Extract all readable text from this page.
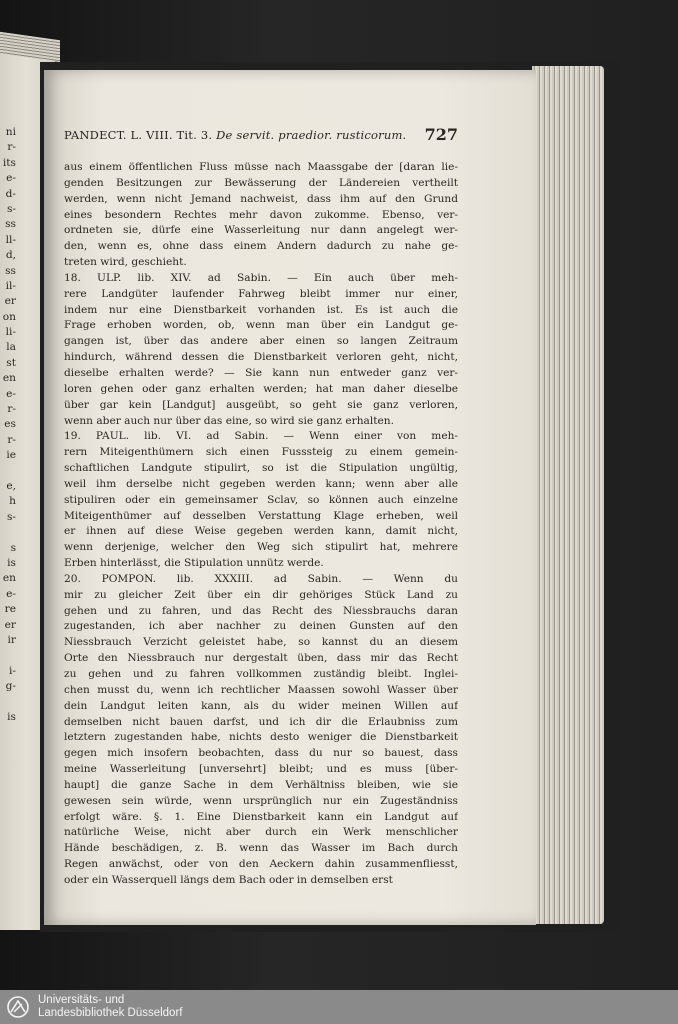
ni
r-
its
e-
d-
s-
ss
ll-
d,
ss
il-
er
on
li-
la
st
en
e-
r-
es
r-
ie
e,
h
s-
s
is
en
e-
re
er
ir
i-
g-
is
PANDECT. L. VIII. Tit. 3. De servit. praedior. rusticorum. 727
aus einem öffentlichen Fluss müsse nach Maassgabe der [daran lie-
genden Besitzungen zur Bewässerung der Ländereien vertheilt
werden, wenn nicht Jemand nachweist, dass ihm auf den Grund
eines besondern Rechtes mehr davon zukomme. Ebenso, ver-
ordneten sie, dürfe eine Wasserleitung nur dann angelegt wer-
den, wenn es, ohne dass einem Andern dadurch zu nahe ge-
treten wird, geschieht.
18. ULP. lib. XIV. ad Sabin. — Ein auch über meh-
rere Landgüter laufender Fahrweg bleibt immer nur einer,
indem nur eine Dienstbarkeit vorhanden ist. Es ist auch die
Frage erhoben worden, ob, wenn man über ein Landgut ge-
gangen ist, über das andere aber einen so langen Zeitraum
hindurch, während dessen die Dienstbarkeit verloren geht, nicht,
dieselbe erhalten werde? — Sie kann nun entweder ganz ver-
loren gehen oder ganz erhalten werden; hat man daher dieselbe
über gar kein [Landgut] ausgeübt, so geht sie ganz verloren,
wenn aber auch nur über das eine, so wird sie ganz erhalten.
19. PAUL. lib. VI. ad Sabin. — Wenn einer von meh-
rern Miteigenthümern sich einen Fusssteig zu einem gemein-
schaftlichen Landgute stipulirt, so ist die Stipulation ungültig,
weil ihm derselbe nicht gegeben werden kann; wenn aber alle
stipuliren oder ein gemeinsamer Sclav, so können auch einzelne
Miteigenthümer auf desselben Verstattung Klage erheben, weil
er ihnen auf diese Weise gegeben werden kann, damit nicht,
wenn derjenige, welcher den Weg sich stipulirt hat, mehrere
Erben hinterlässt, die Stipulation unnütz werde.
20. POMPON. lib. XXXIII. ad Sabin. — Wenn du
mir zu gleicher Zeit über ein dir gehöriges Stück Land zu
gehen und zu fahren, und das Recht des Niessbrauchs daran
zugestanden, ich aber nachher zu deinen Gunsten auf den
Niessbrauch Verzicht geleistet habe, so kannst du an diesem
Orte den Niessbrauch nur dergestalt üben, dass mir das Recht
zu gehen und zu fahren vollkommen zuständig bleibt. Inglei-
chen musst du, wenn ich rechtlicher Maassen sowohl Wasser über
dein Landgut leiten kann, als du wider meinen Willen auf
demselben nicht bauen darfst, und ich dir die Erlaubniss zum
letztern zugestanden habe, nichts desto weniger die Dienstbarkeit
gegen mich insofern beobachten, dass du nur so bauest, dass
meine Wasserleitung [unversehrt] bleibt; und es muss [über-
haupt] die ganze Sache in dem Verhältniss bleiben, wie sie
gewesen sein würde, wenn ursprünglich nur ein Zugeständniss
erfolgt wäre. §. 1. Eine Dienstbarkeit kann ein Landgut auf
natürliche Weise, nicht aber durch ein Werk menschlicher
Hände beschädigen, z. B. wenn das Wasser im Bach durch
Regen anwächst, oder von den Aeckern dahin zusammenfliesst,
oder ein Wasserquell längs dem Bach oder in demselben erst
Universitäts- und
Landesbibliothek Düsseldorf
